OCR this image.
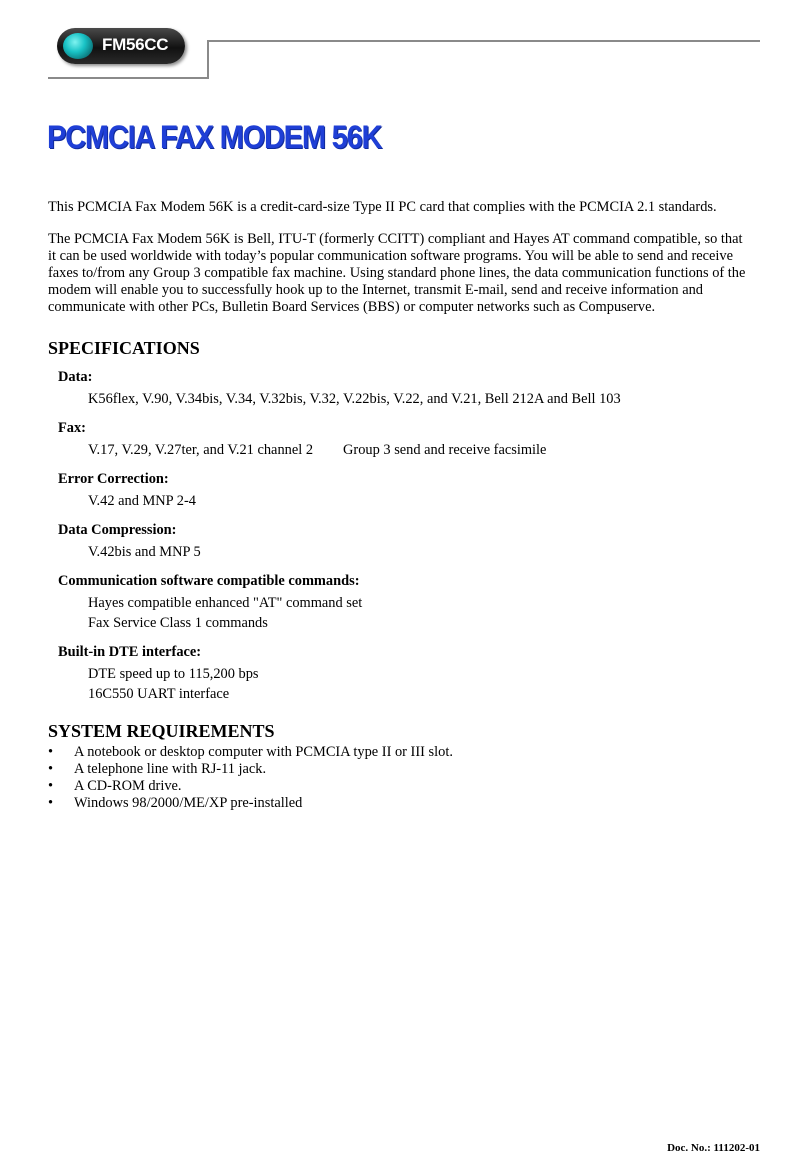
FM56CC
PCMCIA FAX MODEM 56K

This PCMCIA Fax Modem 56K is a credit-card-size Type II PC card that complies with the PCMCIA 2.1 standards.

The PCMCIA Fax Modem 56K is Bell, ITU-T (formerly CCITT) compliant and Hayes AT command compatible, so that it can be used worldwide with today’s popular communication software programs. You will be able to send and receive faxes to/from any Group 3 compatible fax machine. Using standard phone lines, the data communication functions of the modem will enable you to successfully hook up to the Internet, transmit E-mail, send and receive information and communicate with other PCs, Bulletin Board Services (BBS) or computer networks such as Compuserve.

SPECIFICATIONS
Data:
K56flex, V.90, V.34bis, V.34, V.32bis, V.32, V.22bis, V.22, and V.21, Bell 212A and Bell 103
Fax:
V.17, V.29, V.27ter, and V.21 channel 2 Group 3 send and receive facsimile
Error Correction:
V.42 and MNP 2-4
Data Compression:
V.42bis and MNP 5
Communication software compatible commands:
Hayes compatible enhanced "AT" command set
Fax Service Class 1 commands
Built-in DTE interface:
DTE speed up to 115,200 bps
16C550 UART interface
SYSTEM REQUIREMENTS
• A notebook or desktop computer with PCMCIA type II or III slot.
• A telephone line with RJ-11 jack.
• A CD-ROM drive.
• Windows 98/2000/ME/XP pre-installed
Doc. No.: 111202-01
